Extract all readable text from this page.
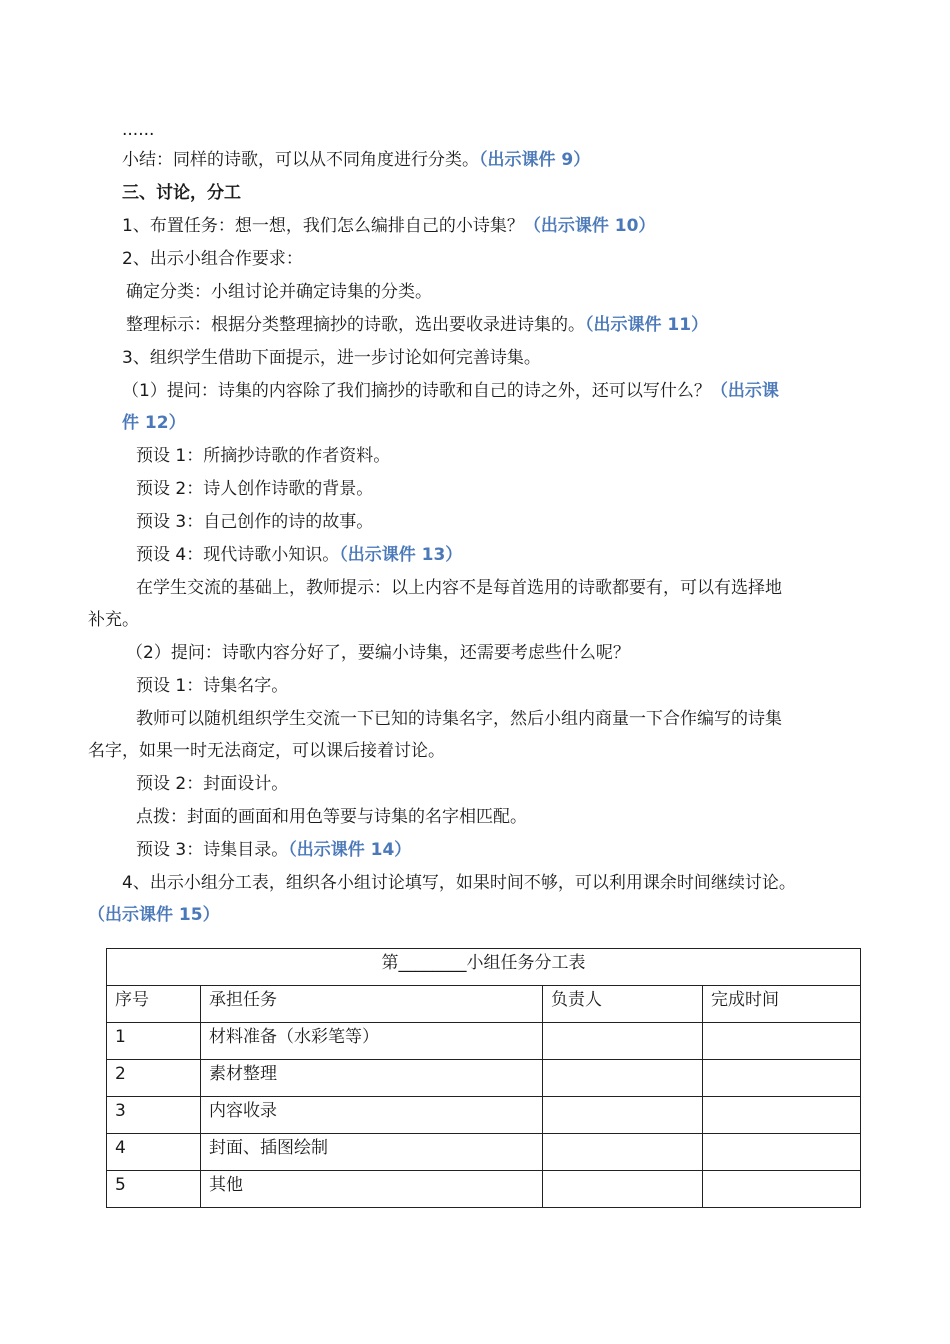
......
小结：同样的诗歌，可以从不同角度进行分类。（出示课件 9）
三、讨论，分工
1、布置任务：想一想，我们怎么编排自己的小诗集？（出示课件 10）
2、出示小组合作要求：
确定分类：小组讨论并确定诗集的分类。
整理标示：根据分类整理摘抄的诗歌，选出要收录进诗集的。（出示课件 11）
3、组织学生借助下面提示，进一步讨论如何完善诗集。
（1）提问：诗集的内容除了我们摘抄的诗歌和自己的诗之外，还可以写什么？（出示课
件 12）
预设 1：所摘抄诗歌的作者资料。
预设 2：诗人创作诗歌的背景。
预设 3：自己创作的诗的故事。
预设 4：现代诗歌小知识。（出示课件 13）
在学生交流的基础上，教师提示：以上内容不是每首选用的诗歌都要有，可以有选择地
补充。
（2）提问：诗歌内容分好了，要编小诗集，还需要考虑些什么呢？
预设 1：诗集名字。
教师可以随机组织学生交流一下已知的诗集名字，然后小组内商量一下合作编写的诗集
名字，如果一时无法商定，可以课后接着讨论。
预设 2：封面设计。
点拨：封面的画面和用色等要与诗集的名字相匹配。
预设 3：诗集目录。（出示课件 14）
4、出示小组分工表，组织各小组讨论填写，如果时间不够，可以利用课余时间继续讨论。
（出示课件 15）
第________小组任务分工表			
序号	承担任务	负责人	完成时间
1	材料准备（水彩笔等）		
2	素材整理		
3	内容收录		
4	封面、插图绘制		
5	其他		
